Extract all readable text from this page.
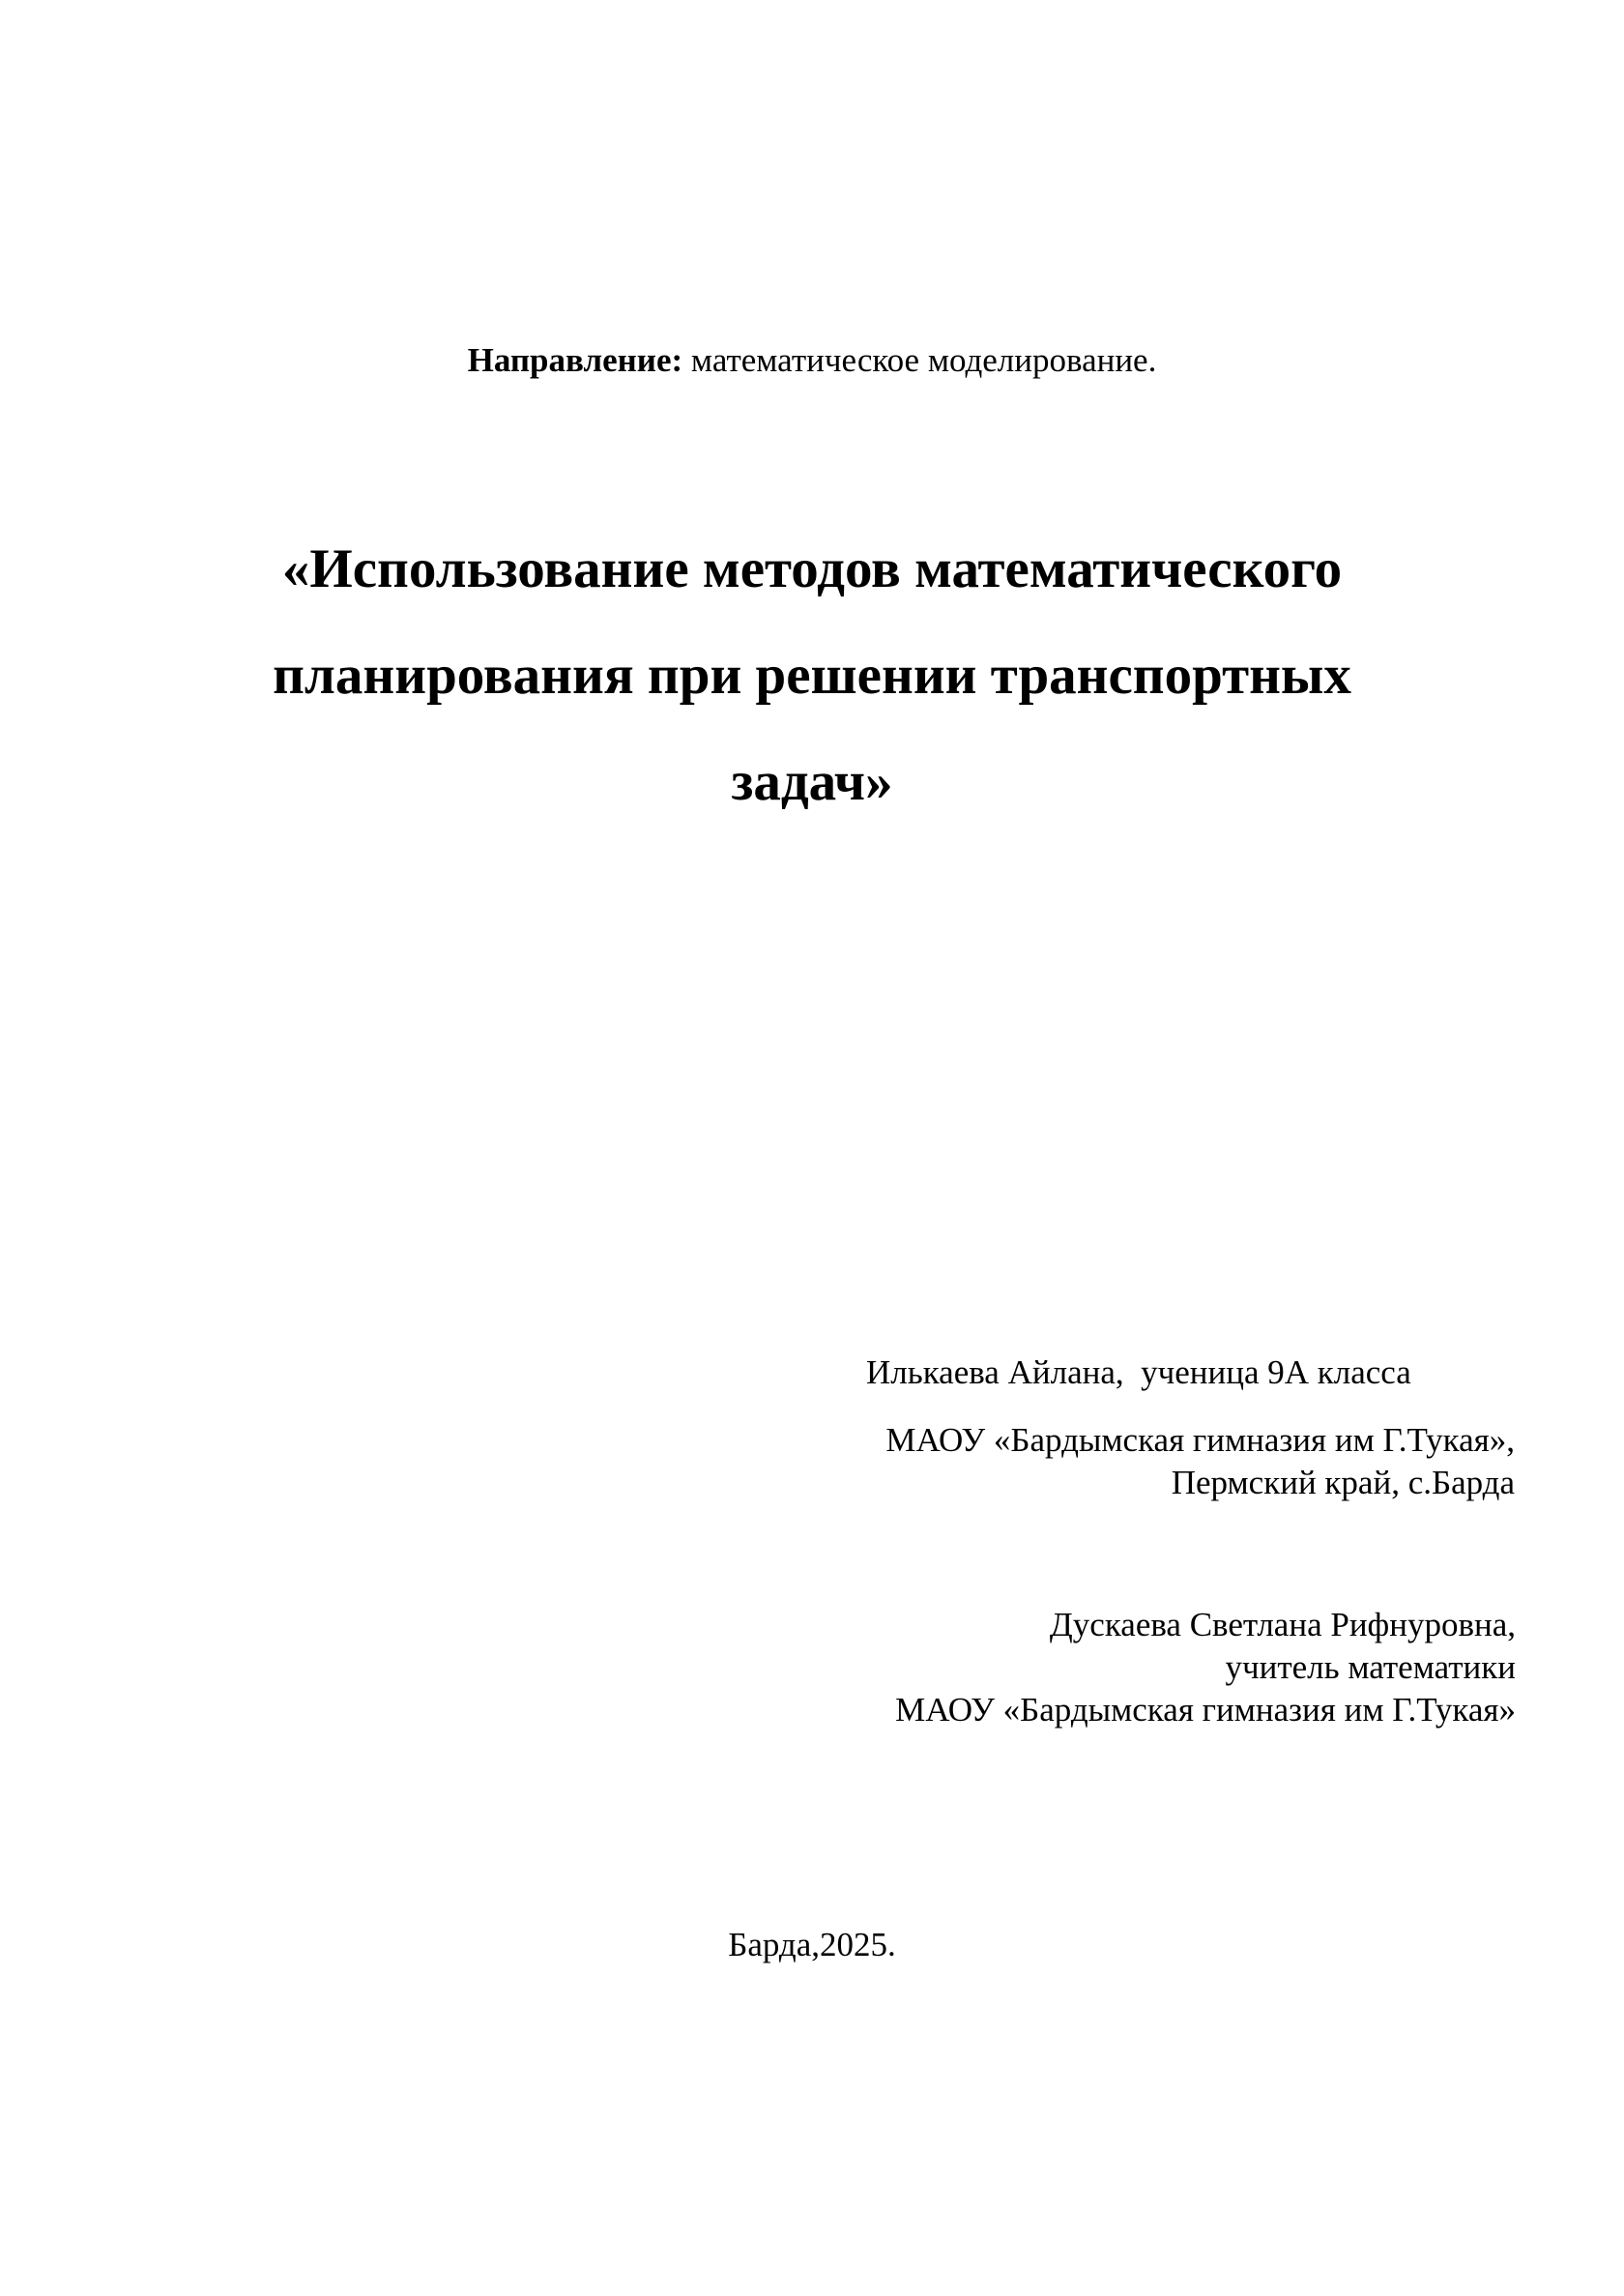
Направление: математическое моделирование.
«Использование методов математического
планирования при решении транспортных
задач»
Илькаева Айлана,  ученица 9А класса
МАОУ «Бардымская гимназия им Г.Тукая»,
Пермский край, с.Барда
Дускаева Светлана Рифнуровна,
учитель математики
МАОУ «Бардымская гимназия им Г.Тукая»
Барда,2025.
